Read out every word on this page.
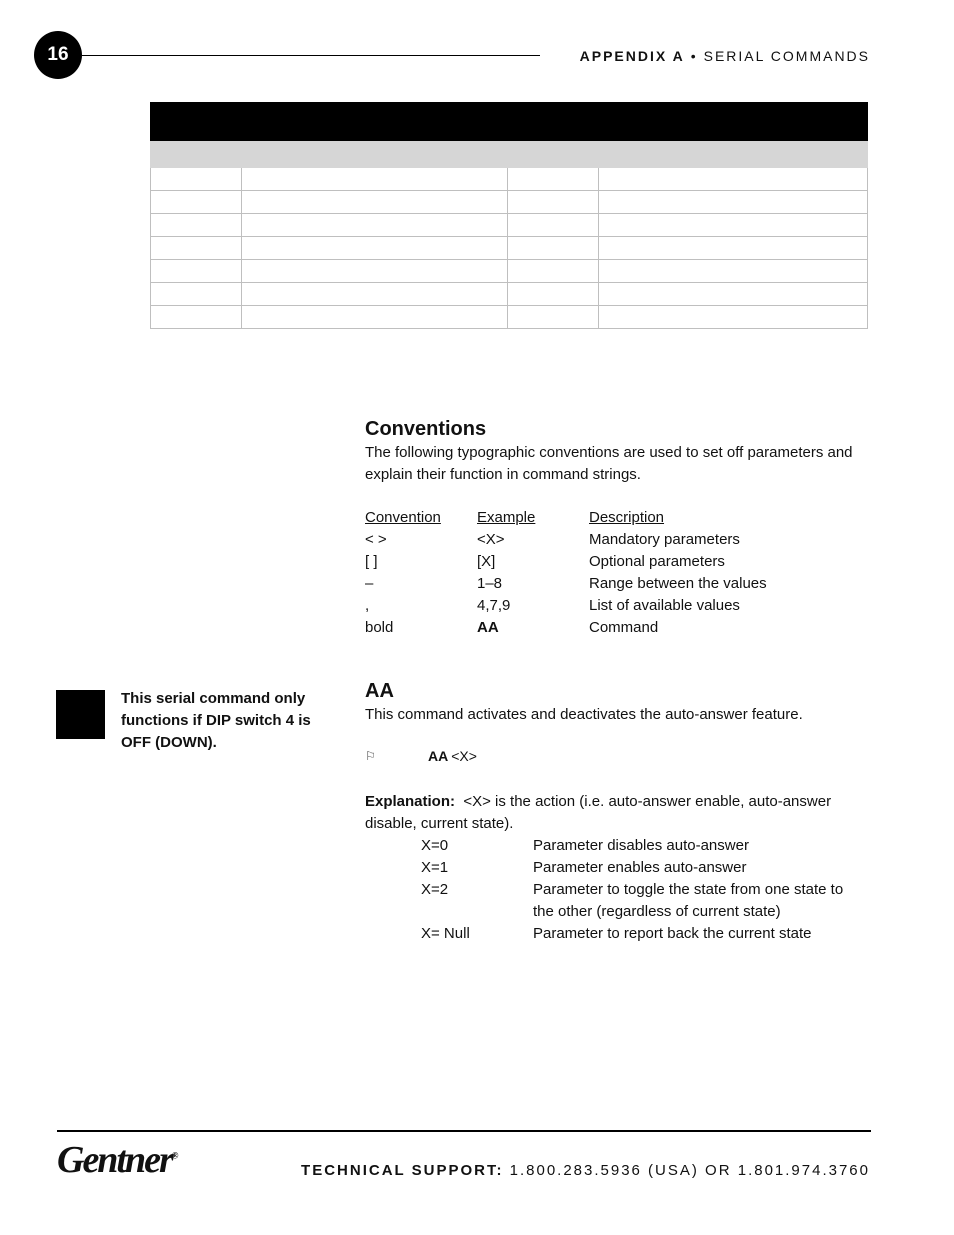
16	APPENDIX A • SERIAL COMMANDS

Conventions
The following typographic conventions are used to set off parameters and explain their function in command strings.
Convention	Example	Description
< >	<X>	Mandatory parameters
[ ]	[X]	Optional parameters
–	1–8	Range between the values
,	4,7,9	List of available values
bold	AA	Command
This serial command only functions if DIP switch 4 is OFF (DOWN).
AA
This command activates and deactivates the auto-answer feature.
⚐	AA <X>
Explanation: <X> is the action (i.e. auto-answer enable, auto-answer disable, current state).
X=0	Parameter disables auto-answer
X=1	Parameter enables auto-answer
X=2	Parameter to toggle the state from one state to the other (regardless of current state)
X= Null	Parameter to report back the current state
Gentner®
TECHNICAL SUPPORT: 1.800.283.5936 (USA) OR 1.801.974.3760
